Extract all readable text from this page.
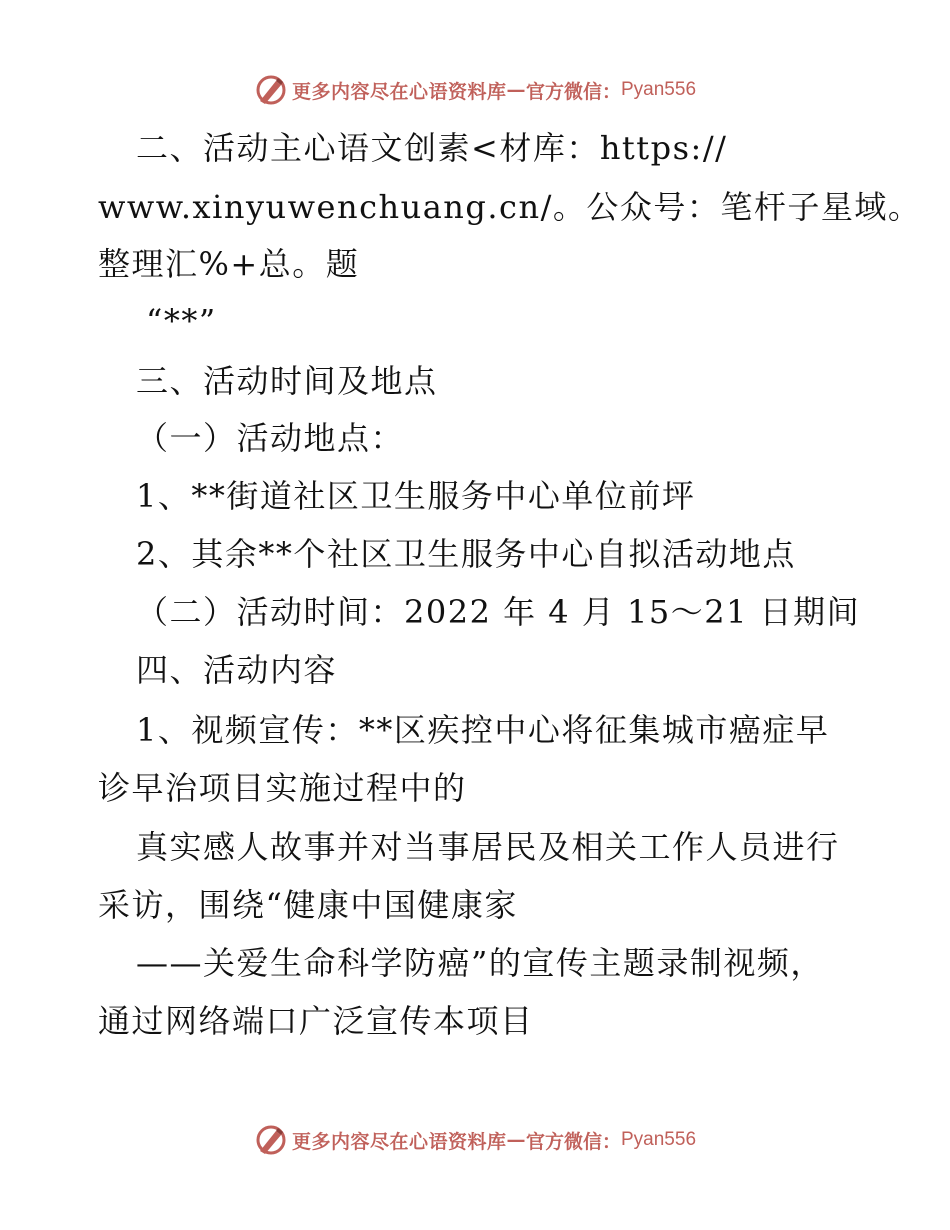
更多内容尽在心语资料库 — 官方微信： Pyan556
二、活动主心语文创素<材库：https://
www.xinyuwenchuang.cn/。公众号：笔杆子星域。
整理汇%+总。题
“**”
三、活动时间及地点
（一）活动地点：
1、**街道社区卫生服务中心单位前坪
2、其余**个社区卫生服务中心自拟活动地点
（二）活动时间：2022 年 4 月 15～21 日期间
四、活动内容
1、视频宣传：**区疾控中心将征集城市癌症早
诊早治项目实施过程中的
真实感人故事并对当事居民及相关工作人员进行
采访，围绕“健康中国健康家
——关爱生命科学防癌”的宣传主题录制视频，
通过网络端口广泛宣传本项目
更多内容尽在心语资料库 — 官方微信： Pyan556
